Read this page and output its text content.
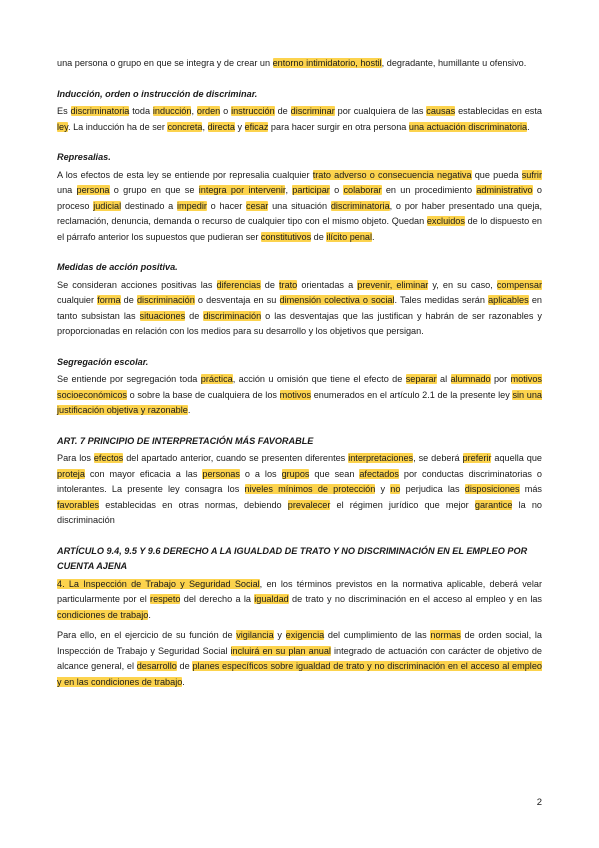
una persona o grupo en que se integra y de crear un entorno intimidatorio, hostil, degradante, humillante u ofensivo.

Inducción, orden o instrucción de discriminar.

Es discriminatoria toda inducción, orden o instrucción de discriminar por cualquiera de las causas establecidas en esta ley. La inducción ha de ser concreta, directa y eficaz para hacer surgir en otra persona una actuación discriminatoria.

Represalias.

A los efectos de esta ley se entiende por represalia cualquier trato adverso o consecuencia negativa que pueda sufrir una persona o grupo en que se integra por intervenir, participar o colaborar en un procedimiento administrativo o proceso judicial destinado a impedir o hacer cesar una situación discriminatoria, o por haber presentado una queja, reclamación, denuncia, demanda o recurso de cualquier tipo con el mismo objeto. Quedan excluidos de lo dispuesto en el párrafo anterior los supuestos que pudieran ser constitutivos de ilícito penal.

Medidas de acción positiva.

Se consideran acciones positivas las diferencias de trato orientadas a prevenir, eliminar y, en su caso, compensar cualquier forma de discriminación o desventaja en su dimensión colectiva o social. Tales medidas serán aplicables en tanto subsistan las situaciones de discriminación o las desventajas que las justifican y habrán de ser razonables y proporcionadas en relación con los medios para su desarrollo y los objetivos que persigan.

Segregación escolar.

Se entiende por segregación toda práctica, acción u omisión que tiene el efecto de separar al alumnado por motivos socioeconómicos o sobre la base de cualquiera de los motivos enumerados en el artículo 2.1 de la presente ley sin una justificación objetiva y razonable.

ART. 7 PRINCIPIO DE INTERPRETACIÓN MÁS FAVORABLE

Para los efectos del apartado anterior, cuando se presenten diferentes interpretaciones, se deberá preferir aquella que proteja con mayor eficacia a las personas o a los grupos que sean afectados por conductas discriminatorias o intolerantes. La presente ley consagra los niveles mínimos de protección y no perjudica las disposiciones más favorables establecidas en otras normas, debiendo prevalecer el régimen jurídico que mejor garantice la no discriminación

ARTÍCULO 9.4, 9.5 Y 9.6 DERECHO A LA IGUALDAD DE TRATO Y NO DISCRIMINACIÓN EN EL EMPLEO POR CUENTA AJENA

4. La Inspección de Trabajo y Seguridad Social, en los términos previstos en la normativa aplicable, deberá velar particularmente por el respeto del derecho a la igualdad de trato y no discriminación en el acceso al empleo y en las condiciones de trabajo.

Para ello, en el ejercicio de su función de vigilancia y exigencia del cumplimiento de las normas de orden social, la Inspección de Trabajo y Seguridad Social incluirá en su plan anual integrado de actuación con carácter de objetivo de alcance general, el desarrollo de planes específicos sobre igualdad de trato y no discriminación en el acceso al empleo y en las condiciones de trabajo.

2
